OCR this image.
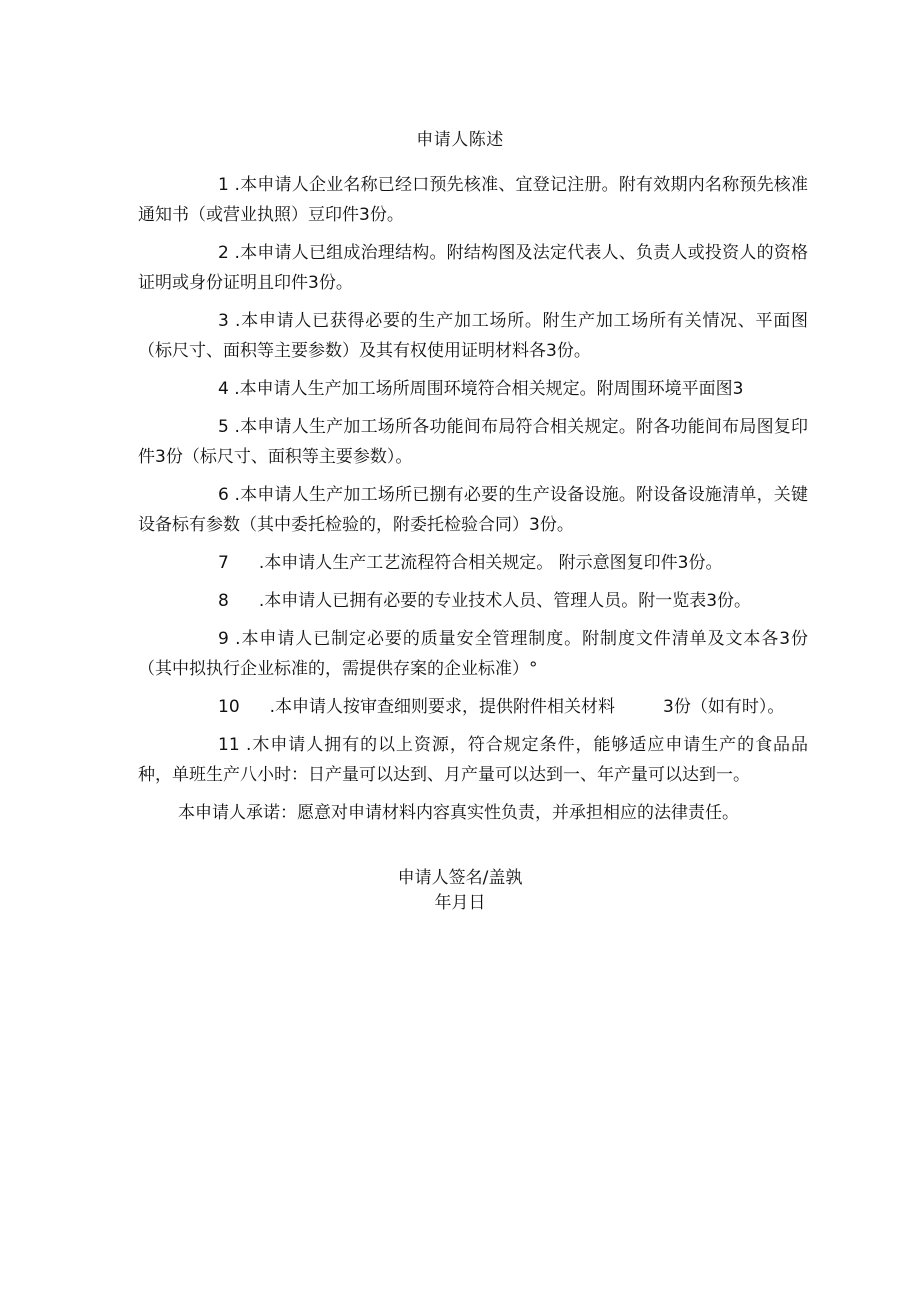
申请人陈述

1 .本申请人企业名称已经口预先核准、宜登记注册。附有效期内名称预先核准通知书（或营业执照）豆印件3份。

2 .本申请人已组成治理结构。附结构图及法定代表人、负责人或投资人的资格证明或身份证明且印件3份。

3 .本申请人已获得必要的生产加工场所。附生产加工场所有关情况、平面图（标尺寸、面积等主要参数）及其有权使用证明材料各3份。

4 .本申请人生产加工场所周围环境符合相关规定。附周围环境平面图3

5 .本申请人生产加工场所各功能间布局符合相关规定。附各功能间布局图复印件3份（标尺寸、面积等主要参数）。

6 .本申请人生产加工场所已捌有必要的生产设备设施。附设备设施清单，关键设备标有参数（其中委托检验的，附委托检验合同）3份。

7 .本申请人生产工艺流程符合相关规定。 附示意图复印件3份。

8 .本申请人已拥有必要的专业技术人员、管理人员。附一览表3份。

9 .本申请人已制定必要的质量安全管理制度。附制度文件清单及文本各3份（其中拟执行企业标准的，需提供存案的企业标准）°

10 .本申请人按审查细则要求，提供附件相关材料	3份（如有时）。

11 .木申请人拥有的以上资源，符合规定条件，能够适应申请生产的食品品种，单班生产八小时：日产量可以达到、月产量可以达到一、年产量可以达到一。

本申请人承诺：愿意对申请材料内容真实性负责，并承担相应的法律责任。

申请人签名/盖孰
年月日
